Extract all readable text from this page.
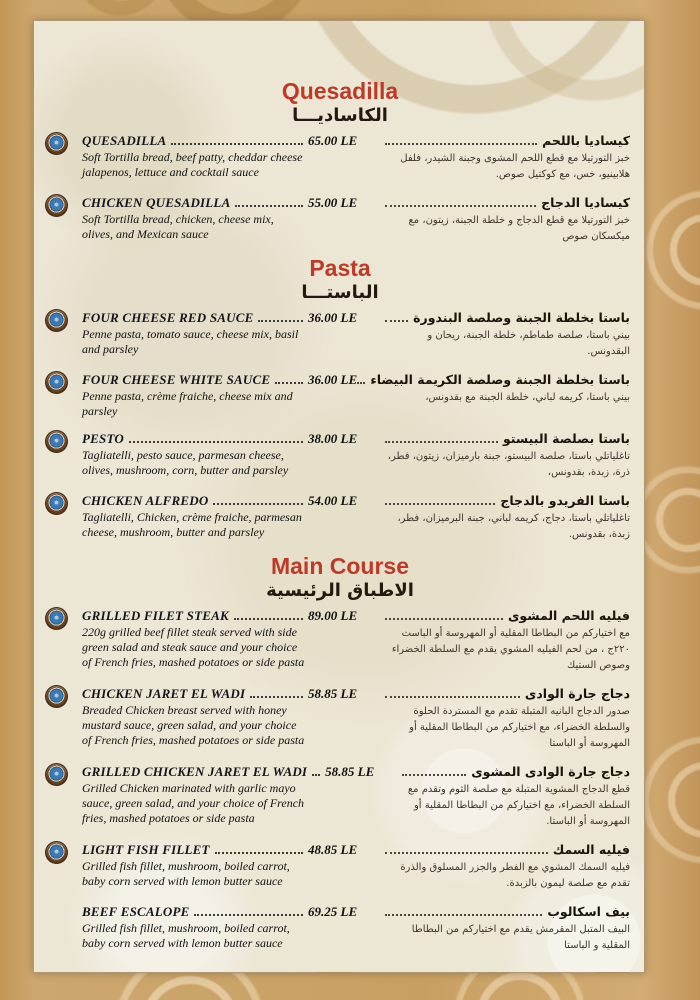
Quesadilla
الكاساديـــا
QUESADILLA
Soft Tortilla bread, beef patty, cheddar cheese jalapenos, lettuce and cocktail sauce
65.00 LE	كيساديا باللحم
خبز التورتيلا مع قطع اللحم المشوى وجبنة الشيدر، فلفل هلابينيو، خس، مع كوكتيل صوص.
CHICKEN QUESADILLA
Soft Tortilla bread, chicken, cheese mix, olives, and Mexican sauce
55.00 LE	كيساديا الدجاج
خبز التورتيلا مع قطع الدجاج و خلطة الجبنة، زيتون، مع ميكسكان صوص
Pasta
الباستـــا
FOUR CHEESE RED SAUCE
Penne pasta, tomato sauce, cheese mix, basil and parsley
36.00 LE	باستا بخلطة الجبنة وصلصة البندورة
بيني باستا، صلصة طماطم، خلطة الجبنة، ريحان و البقدونس.
FOUR CHEESE WHITE SAUCE
Penne pasta, crème fraiche, cheese mix and parsley
36.00 LE	باستا بخلطة الجبنة وصلصة الكريمة البيضاء
بيني باستا، كريمه لباني، خلطة الجبنة مع بقدونس،
PESTO
Tagliatelli, pesto sauce, parmesan cheese, olives, mushroom, corn, butter and parsley
38.00 LE	باستا بصلصة البيستو
تاغلياتلي باستا، صلصة البيستو، جبنة بارميزان، زيتون، فطر، ذرة، زبدة، بقدونس،
CHICKEN ALFREDO
Tagliatelli, Chicken, crème fraiche, parmesan cheese, mushroom, butter and parsley
54.00 LE	باستا الفريدو بالدجاج
تاغلياتلي باستا، دجاج، كريمه لباني، جبنة البرميزان، فطر، زبدة، بقدونس.
Main Course
الاطباق الرئيسية
GRILLED FILET STEAK
220g grilled beef fillet steak served with side green salad and steak sauce and your choice of French fries, mashed potatoes or side pasta
89.00 LE	فيليه اللحم المشوى
مع اختياركم من البطاطا المقلية أو المهروسة أو الباست ٢٢٠ج ، من لحم الفيليه المشوي يقدم مع السلطة الخضراء وصوص الستيك
CHICKEN JARET EL WADI
Breaded Chicken breast served with honey mustard sauce, green salad, and your choice of French fries, mashed potatoes or side pasta
58.85 LE	دجاج جارة الوادى
صدور الدجاج البانيه المتبلة تقدم مع المستردة الحلوة والسلطة الخضراء، مع اختياركم من البطاطا المقلية أو المهروسة أو الباستا
GRILLED CHICKEN JARET EL WADI
Grilled Chicken marinated with garlic mayo sauce, green salad, and your choice of French fries, mashed potatoes or side pasta
58.85 LE	دجاج جارة الوادى المشوى
قطع الدجاج المشوية المتبلة مع صلصة الثوم وتقدم مع السلطة الخضراء، مع اختياركم من البطاطا المقلية أو المهروسة أو الباستا.
LIGHT FISH FILLET
Grilled fish fillet, mushroom, boiled carrot, baby corn served with lemon butter sauce
48.85 LE	فيليه السمك
فيليه السمك المشوي مع الفطر والجزر المسلوق والذرة تقدم مع صلصة ليمون بالزبدة.
BEEF ESCALOPE
Grilled fish fillet, mushroom, boiled carrot, baby corn served with lemon butter sauce
69.25 LE	بيف اسكالوب
البيف المتبل المقرمش يقدم مع اختياركم من البطاطا المقلية و الباستا
